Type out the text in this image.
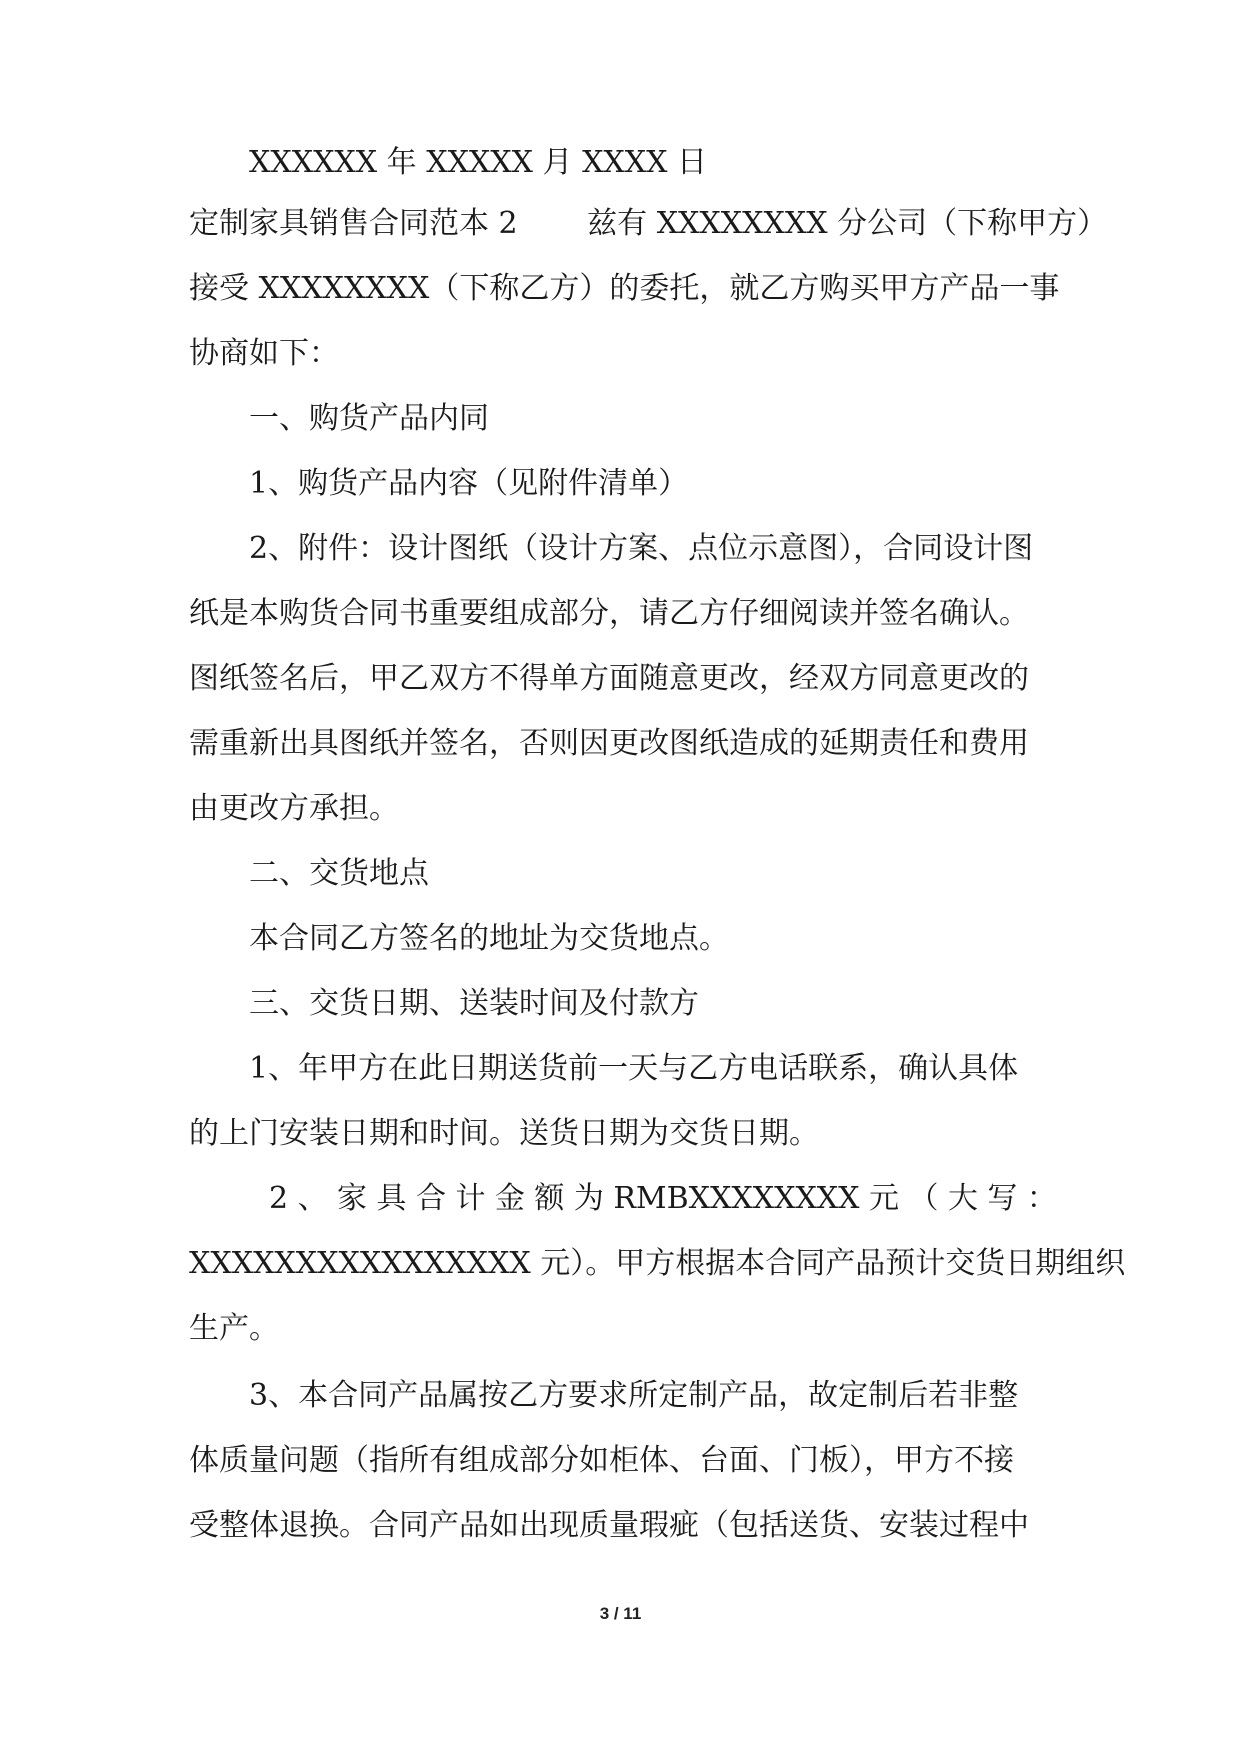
XXXXXX 年 XXXXX 月 XXXX 日
定制家具销售合同范本 2　　 兹有 XXXXXXXX 分公司（下称甲方）
接受 XXXXXXXX（下称乙方）的委托，就乙方购买甲方产品一事
协商如下：
一、购货产品内同
1、购货产品内容（见附件清单）
2、附件：设计图纸（设计方案、点位示意图），合同设计图
纸是本购货合同书重要组成部分，请乙方仔细阅读并签名确认。
图纸签名后，甲乙双方不得单方面随意更改，经双方同意更改的
需重新出具图纸并签名，否则因更改图纸造成的延期责任和费用
由更改方承担。
二、交货地点
本合同乙方签名的地址为交货地点。
三、交货日期、送装时间及付款方
1、年甲方在此日期送货前一天与乙方电话联系，确认具体
的上门安装日期和时间。送货日期为交货日期。
2 、 家 具 合 计 金 额 为 RMBXXXXXXXX 元 （ 大 写 ：
XXXXXXXXXXXXXXXX 元）。甲方根据本合同产品预计交货日期组织
生产。
3、本合同产品属按乙方要求所定制产品，故定制后若非整
体质量问题（指所有组成部分如柜体、台面、门板），甲方不接
受整体退换。合同产品如出现质量瑕疵（包括送货、安装过程中
3 / 11
